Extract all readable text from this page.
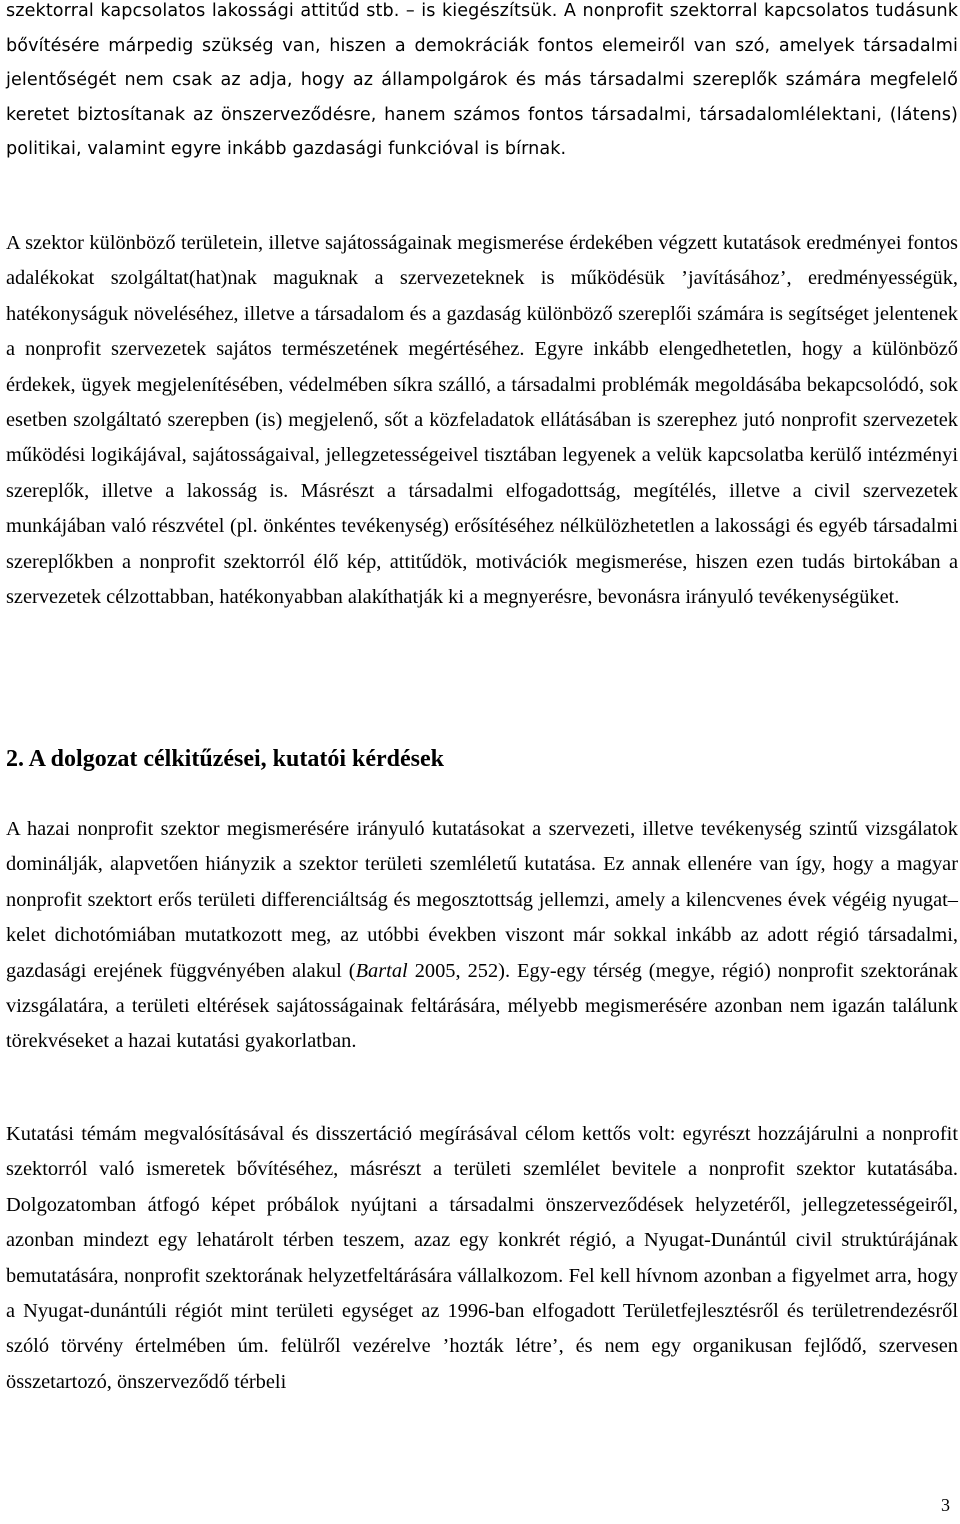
szektorral kapcsolatos lakossági attitűd stb. – is kiegészítsük. A nonprofit szektorral kapcsolatos tudásunk bővítésére márpedig szükség van, hiszen a demokráciák fontos elemeiről van szó, amelyek társadalmi jelentőségét nem csak az adja, hogy az állampolgárok és más társadalmi szereplők számára megfelelő keretet biztosítanak az önszerveződésre, hanem számos fontos társadalmi, társadalomlélektani, (látens) politikai, valamint egyre inkább gazdasági funkcióval is bírnak.

A szektor különböző területein, illetve sajátosságainak megismerése érdekében végzett kutatások eredményei fontos adalékokat szolgáltat(hat)nak maguknak a szervezeteknek is működésük ’javításához’, eredményességük, hatékonyságuk növeléséhez, illetve a társadalom és a gazdaság különböző szereplői számára is segítséget jelentenek a nonprofit szervezetek sajátos természetének megértéséhez. Egyre inkább elengedhetetlen, hogy a különböző érdekek, ügyek megjelenítésében, védelmében síkra szálló, a társadalmi problémák megoldásába bekapcsolódó, sok esetben szolgáltató szerepben (is) megjelenő, sőt a közfeladatok ellátásában is szerephez jutó nonprofit szervezetek működési logikájával, sajátosságaival, jellegzetességeivel tisztában legyenek a velük kapcsolatba kerülő intézményi szereplők, illetve a lakosság is. Másrészt a társadalmi elfogadottság, megítélés, illetve a civil szervezetek munkájában való részvétel (pl. önkéntes tevékenység) erősítéséhez nélkülözhetetlen a lakossági és egyéb társadalmi szereplőkben a nonprofit szektorról élő kép, attitűdök, motivációk megismerése, hiszen ezen tudás birtokában a szervezetek célzottabban, hatékonyabban alakíthatják ki a megnyerésre, bevonásra irányuló tevékenységüket.

2. A dolgozat célkitűzései, kutatói kérdések

A hazai nonprofit szektor megismerésére irányuló kutatásokat a szervezeti, illetve tevékenység szintű vizsgálatok dominálják, alapvetően hiányzik a szektor területi szemléletű kutatása. Ez annak ellenére van így, hogy a magyar nonprofit szektort erős területi differenciáltság és megosztottság jellemzi, amely a kilencvenes évek végéig nyugat–kelet dichotómiában mutatkozott meg, az utóbbi években viszont már sokkal inkább az adott régió társadalmi, gazdasági erejének függvényében alakul (Bartal 2005, 252). Egy-egy térség (megye, régió) nonprofit szektorának vizsgálatára, a területi eltérések sajátosságainak feltárására, mélyebb megismerésére azonban nem igazán találunk törekvéseket a hazai kutatási gyakorlatban.

Kutatási témám megvalósításával és disszertáció megírásával célom kettős volt: egyrészt hozzájárulni a nonprofit szektorról való ismeretek bővítéséhez, másrészt a területi szemlélet bevitele a nonprofit szektor kutatásába. Dolgozatomban átfogó képet próbálok nyújtani a társadalmi önszerveződések helyzetéről, jellegzetességeiről, azonban mindezt egy lehatárolt térben teszem, azaz egy konkrét régió, a Nyugat-Dunántúl civil struktúrájának bemutatására, nonprofit szektorának helyzetfeltárására vállalkozom. Fel kell hívnom azonban a figyelmet arra, hogy a Nyugat-dunántúli régiót mint területi egységet az 1996-ban elfogadott Területfejlesztésről és területrendezésről szóló törvény értelmében úm. felülről vezérelve ’hozták létre’, és nem egy organikusan fejlődő, szervesen összetartozó, önszerveződő térbeli

3
